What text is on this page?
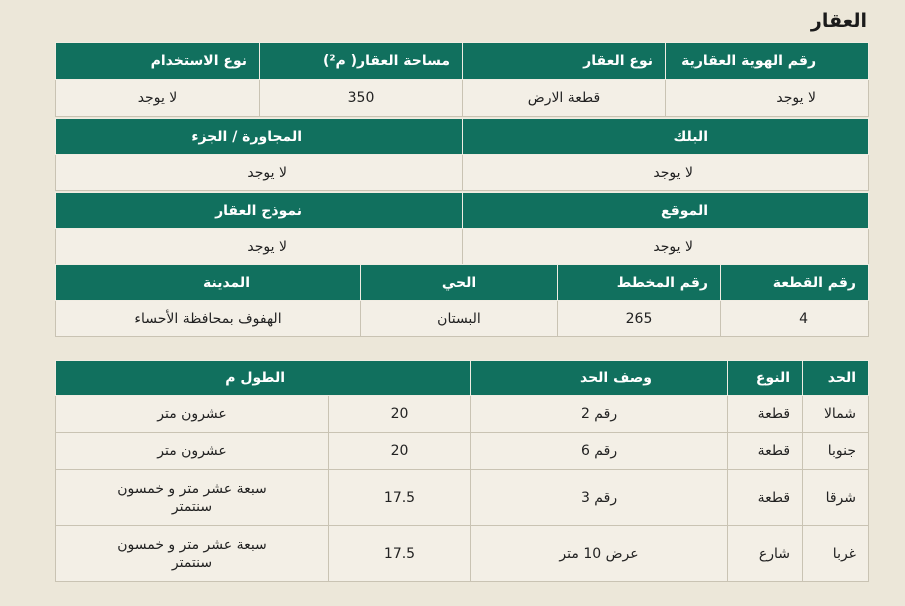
العقار
رقم الهوية العقارية	نوع العقار	مساحة العقار( م²)	نوع الاستخدام
لا يوجد	قطعة الارض	350	لا يوجد
البلك	المجاورة / الجزء
لا يوجد	لا يوجد
الموقع	نموذج العقار
لا يوجد	لا يوجد
رقم القطعة	رقم المخطط	الحي	المدينة
4	265	البستان	الهفوف بمحافظة الأحساء
الحد	النوع	وصف الحد	الطول م	
شمالا	قطعة	رقم 2	20	عشرون متر
جنوبا	قطعة	رقم 6	20	عشرون متر
شرقا	قطعة	رقم 3	17.5	سبعة عشر متر و خمسون سنتمتر
غربا	شارع	عرض 10 متر	17.5	سبعة عشر متر و خمسون سنتمتر
